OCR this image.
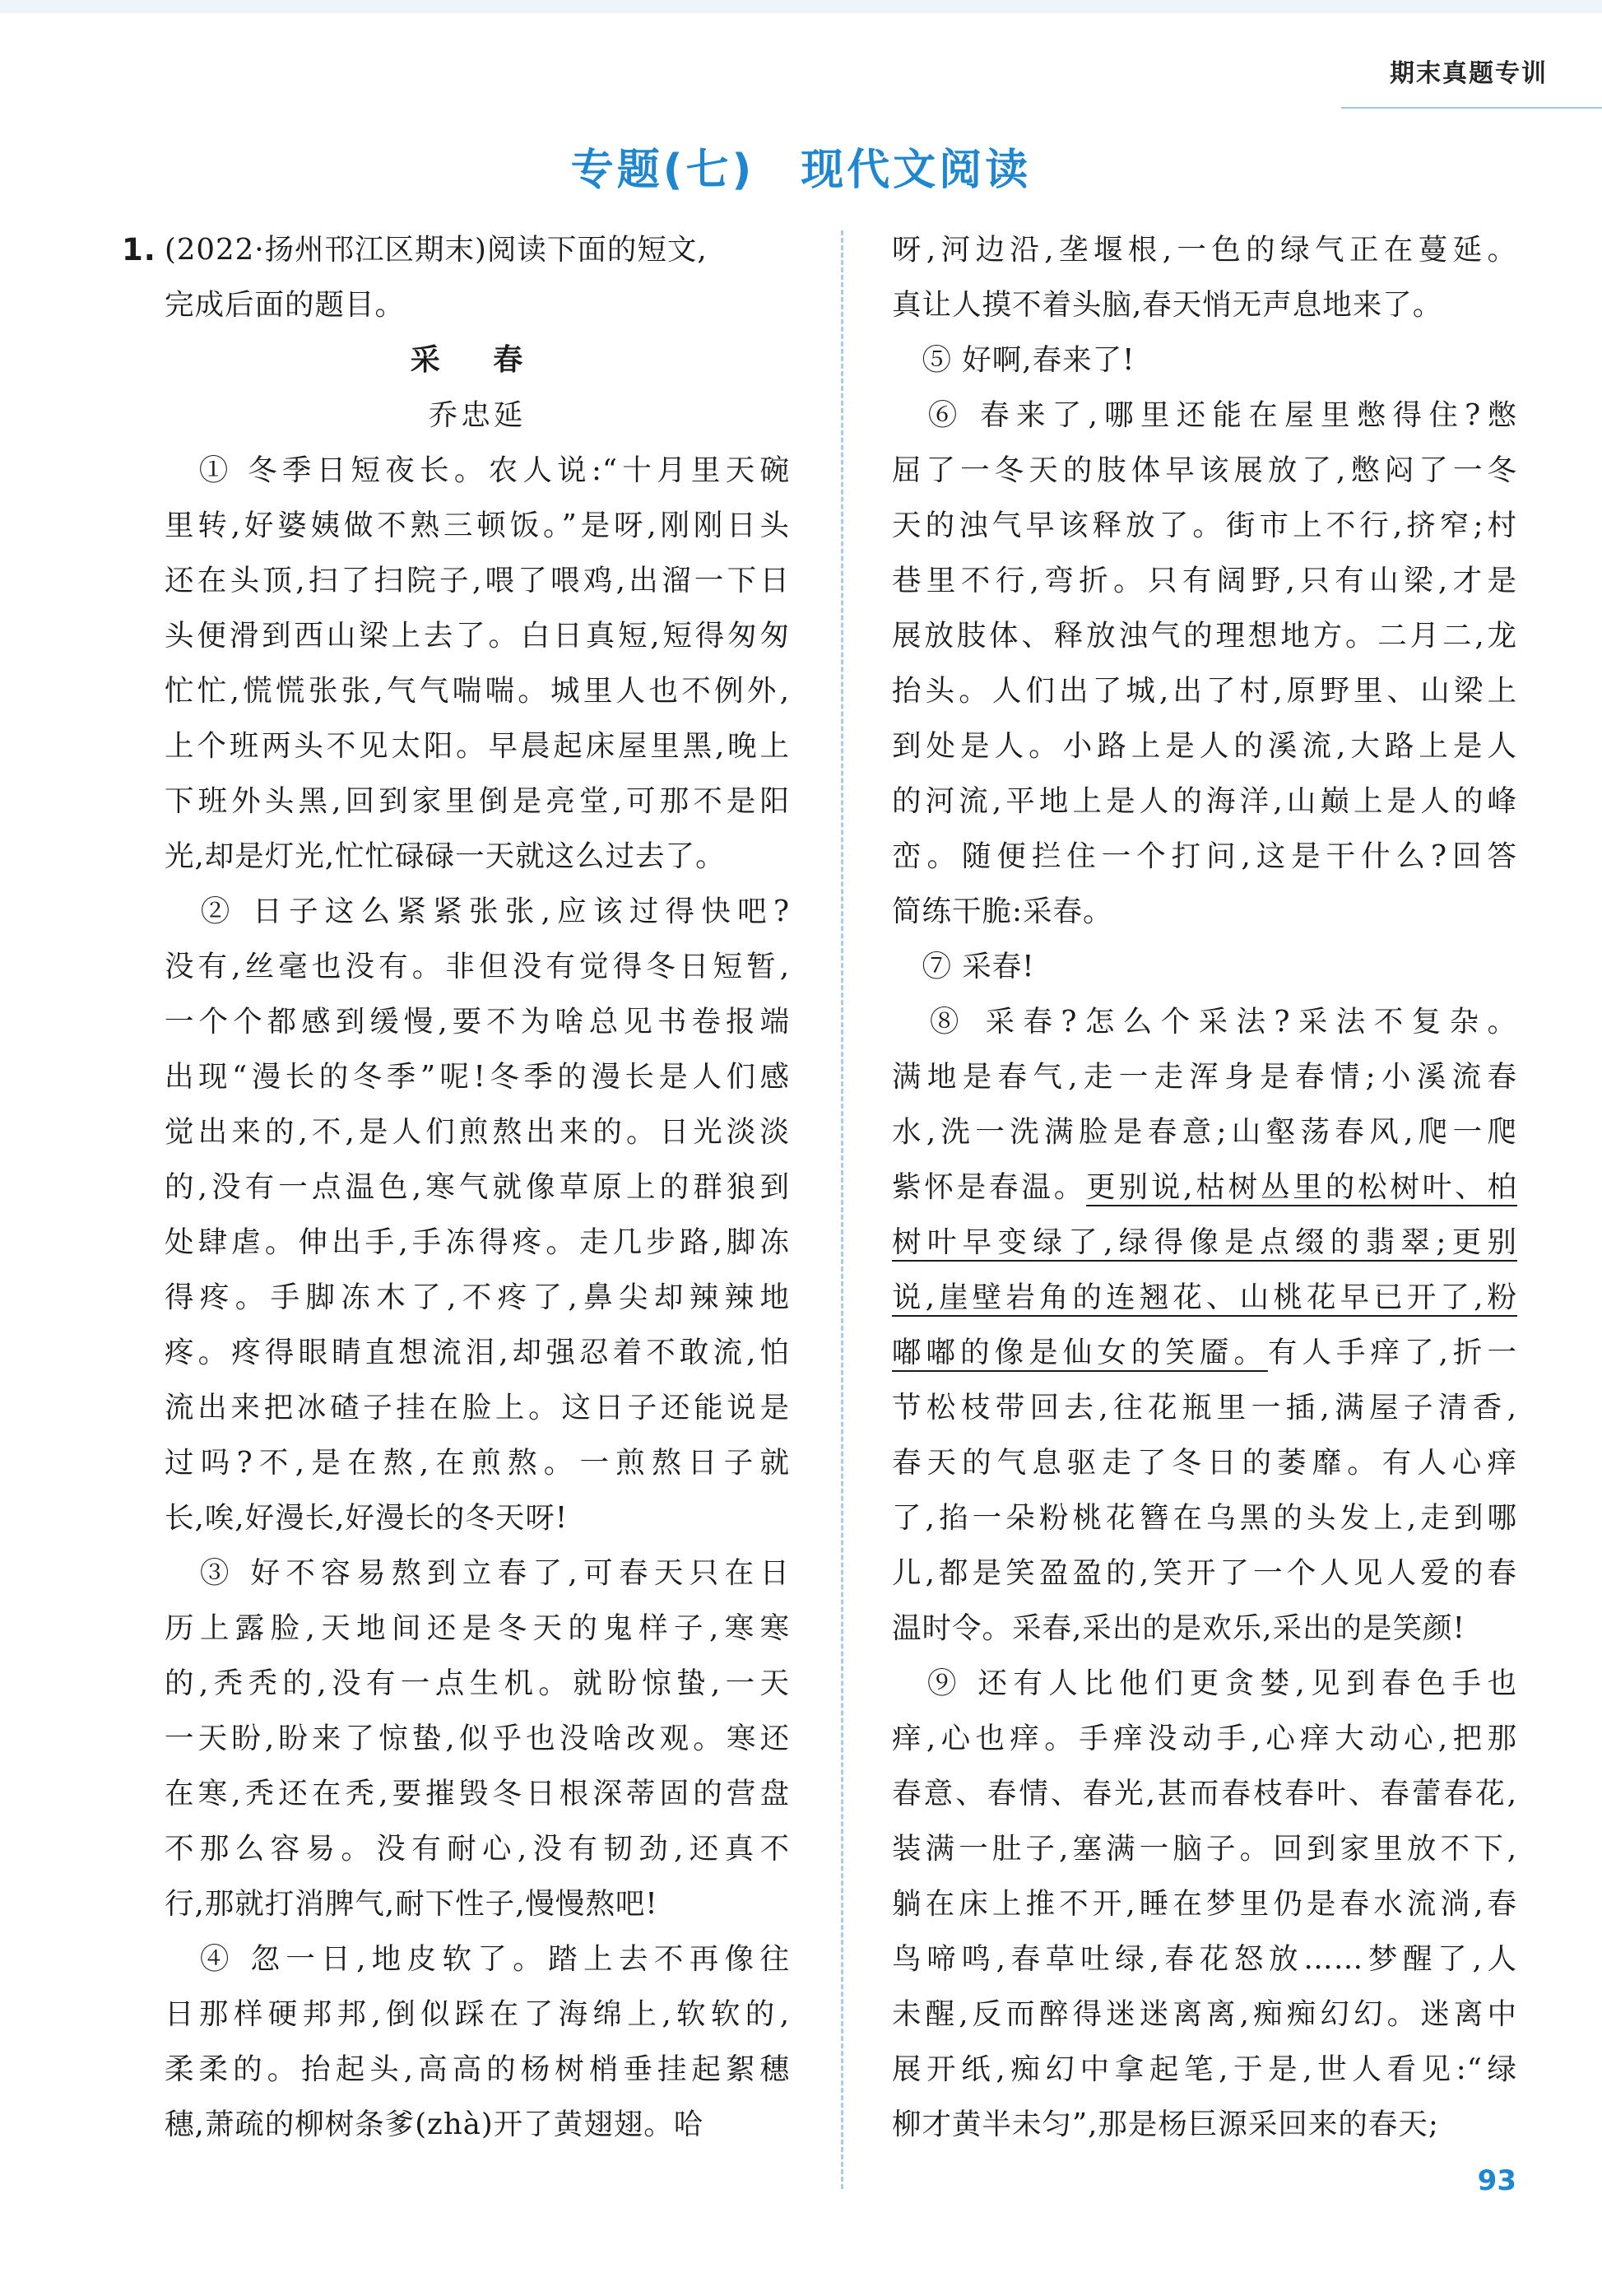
期末真题专训
专题(七)　现代文阅读
1. (2022·扬州邗江区期末)阅读下面的短文,
完成后面的题目。
采 春
乔忠延
　① 冬季日短夜长。农人说:“十月里天碗
里转,好婆姨做不熟三顿饭。”是呀,刚刚日头
还在头顶,扫了扫院子,喂了喂鸡,出溜一下日
头便滑到西山梁上去了。白日真短,短得匆匆
忙忙,慌慌张张,气气喘喘。城里人也不例外,
上个班两头不见太阳。早晨起床屋里黑,晚上
下班外头黑,回到家里倒是亮堂,可那不是阳
光,却是灯光,忙忙碌碌一天就这么过去了。
　② 日子这么紧紧张张,应该过得快吧?
没有,丝毫也没有。非但没有觉得冬日短暂,
一个个都感到缓慢,要不为啥总见书卷报端
出现“漫长的冬季”呢!冬季的漫长是人们感
觉出来的,不,是人们煎熬出来的。日光淡淡
的,没有一点温色,寒气就像草原上的群狼到
处肆虐。伸出手,手冻得疼。走几步路,脚冻
得疼。手脚冻木了,不疼了,鼻尖却辣辣地
疼。疼得眼睛直想流泪,却强忍着不敢流,怕
流出来把冰碴子挂在脸上。这日子还能说是
过吗?不,是在熬,在煎熬。一煎熬日子就
长,唉,好漫长,好漫长的冬天呀!
　③ 好不容易熬到立春了,可春天只在日
历上露脸,天地间还是冬天的鬼样子,寒寒
的,秃秃的,没有一点生机。就盼惊蛰,一天
一天盼,盼来了惊蛰,似乎也没啥改观。寒还
在寒,秃还在秃,要摧毁冬日根深蒂固的营盘
不那么容易。没有耐心,没有韧劲,还真不
行,那就打消脾气,耐下性子,慢慢熬吧!
　④ 忽一日,地皮软了。踏上去不再像往
日那样硬邦邦,倒似踩在了海绵上,软软的,
柔柔的。抬起头,高高的杨树梢垂挂起絮穗
穗,萧疏的柳树条爹(zhà)开了黄翅翅。哈
呀,河边沿,垄堰根,一色的绿气正在蔓延。
真让人摸不着头脑,春天悄无声息地来了。
　⑤ 好啊,春来了!
　⑥ 春来了,哪里还能在屋里憋得住?憋
屈了一冬天的肢体早该展放了,憋闷了一冬
天的浊气早该释放了。街市上不行,挤窄;村
巷里不行,弯折。只有阔野,只有山梁,才是
展放肢体、释放浊气的理想地方。二月二,龙
抬头。人们出了城,出了村,原野里、山梁上
到处是人。小路上是人的溪流,大路上是人
的河流,平地上是人的海洋,山巅上是人的峰
峦。随便拦住一个打问,这是干什么?回答
简练干脆:采春。
　⑦ 采春!
　⑧ 采春?怎么个采法?采法不复杂。
满地是春气,走一走浑身是春情;小溪流春
水,洗一洗满脸是春意;山壑荡春风,爬一爬
紫怀是春温。更别说,枯树丛里的松树叶、柏
树叶早变绿了,绿得像是点缀的翡翠;更别
说,崖壁岩角的连翘花、山桃花早已开了,粉
嘟嘟的像是仙女的笑靥。有人手痒了,折一
节松枝带回去,往花瓶里一插,满屋子清香,
春天的气息驱走了冬日的萎靡。有人心痒
了,掐一朵粉桃花簪在乌黑的头发上,走到哪
儿,都是笑盈盈的,笑开了一个人见人爱的春
温时令。采春,采出的是欢乐,采出的是笑颜!
　⑨ 还有人比他们更贪婪,见到春色手也
痒,心也痒。手痒没动手,心痒大动心,把那
春意、春情、春光,甚而春枝春叶、春蕾春花,
装满一肚子,塞满一脑子。回到家里放不下,
躺在床上推不开,睡在梦里仍是春水流淌,春
鸟啼鸣,春草吐绿,春花怒放……梦醒了,人
未醒,反而醉得迷迷离离,痴痴幻幻。迷离中
展开纸,痴幻中拿起笔,于是,世人看见:“绿
柳才黄半未匀”,那是杨巨源采回来的春天;
93
